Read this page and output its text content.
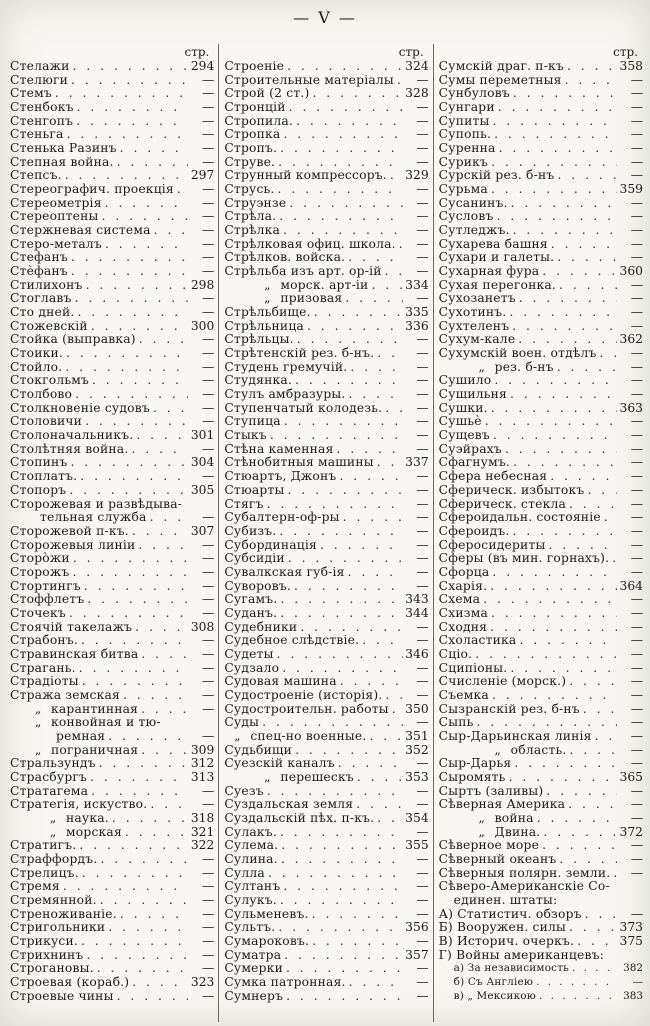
— V —
стр.
Стелажи . . .	294
Стелюги . . .	—
Стемъ . . .	—
Стенбокъ . . .	—
Стенгопъ . . .	—
Стеньга . . .	—
Стенька Разинъ . . .	—
Степная война. . . .	—
Степсъ. . . .	297
Стереографич. проекція . . .	—
Стереометрія . . .	—
Стереоптены . . .	—
Стержневая система . . .	—
Стеро-металъ . . .	—
Стефанъ . . .	—
Стѐфанъ . . .	—
Стилихонъ . . .	298
Стоглавъ . . .	—
Сто дней. . . .	—
Стожевскій . . .	300
Стойка (выправка) . . .	—
Стоики. . . .	—
Стойло. . . .	—
Стокгольмъ . . .	—
Столбово . . .	—
Столкновеніе судовъ . . .	—
Столовичи . . .	—
Столоначальникъ. . . .	301
Столѣтняя война. . . .	—
Стопинъ . . .	304
Стоплатъ. . . .	—
Стопоръ . . .	305
Сторожевая и развѣдыва-
тельная служба . . .	—
Сторожевой п-къ. . . .	307
Сторожевыя линіи . . .	—
Сторо̀жи . . .	—
Сторожъ . . .	—
Стортингъ . . .	—
Стоффлетъ . . .	—
Сточекъ . . .	—
Стоячій такелажъ . . .	308
Страбонъ. . . .	—
Стравинская битва . . .	—
Страгань. . . .	—
Страдіоты . . .	—
Стража земская . . .	—
„ карантинная . . .	—
„ конвойная и тю-
ремная . . .	—
„ пограничная . . .	309
Стральзундъ . . .	312
Страсбургъ . . .	313
Стратагема . . .	—
Стратегія, искуство. . . .	—
„ наука. . . .	318
„ морская . . .	321
Стратигъ. . . .	322
Страффордъ. . . .	—
Стрелицъ. . . .	—
Стремя . . .	—
Стремянной. . . .	—
Стреноживаніе. . . .	—
Стригольники . . .	—
Стрикуси. . . .	—
Стрихнинъ . . .	—
Строгановы. . . .	—
Строевая (кораб.) . . .	323
Строевые чины . . .	—
стр.
Строеніе . . .	324
Строительные матеріалы . . .	—
Строй (2 ст.) . . .	328
Стронцій . . .	—
Стропила. . . .	—
Стропка . . .	—
Стропъ. . . .	—
Струве. . . .	—
Струнный компрессоръ. . . . 329
Струсь. . . .	—
Струэнзе . . .	—
Стрѣла. . . .	—
Стрѣлка . . .	—
Стрѣлковая офиц. школа. . . .	—
Стрѣлков. войска. . . .	—
Стрѣльба изъ арт. ор-ій . . .	—
„ морск. арт-іи . . .	334
„ призовая . . .	—
Стрѣльбище. . . .	335
Стрѣльница . . .	336
Стрѣльцы. . . .	—
Стрѣтенскій рез. б-нъ. . . .	—
Студень гремучій. . . .	—
Студянка. . . .	—
Стулъ амбразуры. . . .	—
Ступенчатый колодезь. . . .	—
Ступица . . .	—
Стыкъ . . .	—
Стѣна каменная . . .	—
Стѣнобитныя машины . . .	337
Стюартъ, Джонъ . . .	—
Стюарты . . .	—
Стягъ . . .	—
Субалтерн-оф-ры . . .	—
Субизъ. . . .	—
Субординація . . .	—
Субсидіи . . .	—
Сувалкская губ-ія . . .	—
Суворовъ. . . .	—
Сугамъ. . . .	343
Суданъ. . . .	344
Судебники . . .	—
Судебное слѣдствіе. . . .	—
Судеты . . .	346
Судзало . . .	—
Судовая машина . . .	—
Судостроеніе (исторія). . . .	—
Судостроительн. работы . . . 350
Суды . . .	—
„ спец-но военные. . . .	351
Судьбищи . . .	352
Суезскій каналъ . . .	—
„ перешескъ . . .	353
Суезъ . . .	—
Суздальская земля . . .	—
Суздальскій пѣх. п-къ. . . .	354
Сулакъ. . . .	—
Сулема. . . .	355
Сулина. . . .	—
Сулла . . .	—
Султанъ . . .	—
Сулукъ. . . .	—
Сульменевъ. . . .	—
Сультъ. . . .	356
Сумароковъ. . . .	—
Суматра . . .	357
Сумерки . . .	—
Сумка патронная. . . .	—
Сумнеръ . . .	—
стр.
Сумскій драг. п-къ . . .	358
Сумы переметныя . . .	—
Сунбуловъ . . .	—
Сунгари . . .	—
Супиты . . .	—
Супопь. . . .	—
Суренна . . .	—
Сурикъ . . .	—
Сурскій рез. б-нъ . . .	—
Сурьма . . .	359
Сусанинъ. . . .	—
Сусловъ . . .	—
Сутледжъ. . . .	—
Сухарева башня . . .	—
Сухари и галеты. . . .	—
Сухарная фура . . .	360
Сухая перегонка. . . .	—
Сухозанетъ . . .	—
Сухотинъ. . . .	—
Сухтеленъ . . .	—
Сухум-кале . . .	362
Сухумскій воен. отдѣлъ . . .	—
„ рез. б-нъ . . .	—
Сушило . . .	—
Сушильня . . .	—
Сушки. . . .	363
Сушьѐ . . .	—
Сущевъ . . .	—
Суэйрахъ . . .	—
Сфагнумъ. . . .	—
Сфера небесная . . .	—
Сферическ. избытокъ . . .	—
Сферическ. стекла . . .	—
Сфероидальн. состояніе . . .	—
Сфероидъ. . . .	—
Сферосидериты . . .	—
Сферы (въ мин. горнахъ). . . .	—
Сфорца . . .	—
Схарія. . . .	364
Схема . . .	—
Схизма . . .	—
Сходня . . .	—
Схоластика . . .	—
Сціо. . . .	—
Сципіоны. . . .	—
Счисленіе (морск.) . . .	—
Съемка . . .	—
Сызранскій рез. б-нъ . . .	—
Сыпь . . .	—
Сыр-Дарьинская линія . . .	—
„ область. . . .	—
Сыр-Дарья . . .	—
Сыромять . . .	365
Сыртъ (заливы) . . .	—
Сѣверная Америка . . .	—
„ война . . .	—
„ Двина. . . .	372
Сѣверное море . . .	—
Сѣверный океанъ . . .	—
Сѣверныя полярн. земли. . . .	—
Сѣверо-Американскіе Со-
единен. штаты:
А) Статистич. обзоръ . . .	—
Б) Вооружен. силы . . .	373
В) Историч. очеркъ. . . .	375
Г) Войны американцевъ:
а) За независимость . . .	382
б) Съ Англіею . . .	—
в) „ Мексикою . . .	383
